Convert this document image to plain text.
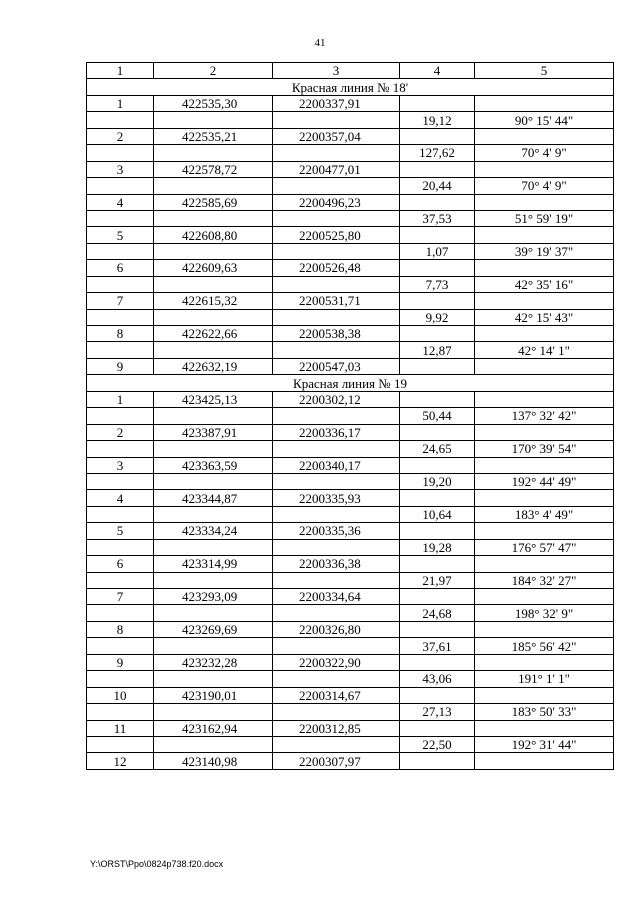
41
1	2	3	4	5
Красная линия № 18'				
1	422535,30	2200337,91		
			19,12	90° 15' 44"
2	422535,21	2200357,04		
			127,62	70° 4' 9"
3	422578,72	2200477,01		
			20,44	70° 4' 9"
4	422585,69	2200496,23		
			37,53	51° 59' 19"
5	422608,80	2200525,80		
			1,07	39° 19' 37"
6	422609,63	2200526,48		
			7,73	42° 35' 16"
7	422615,32	2200531,71		
			9,92	42° 15' 43"
8	422622,66	2200538,38		
			12,87	42° 14' 1"
9	422632,19	2200547,03		
Красная линия № 19				
1	423425,13	2200302,12		
			50,44	137° 32' 42"
2	423387,91	2200336,17		
			24,65	170° 39' 54"
3	423363,59	2200340,17		
			19,20	192° 44' 49"
4	423344,87	2200335,93		
			10,64	183° 4' 49"
5	423334,24	2200335,36		
			19,28	176° 57' 47"
6	423314,99	2200336,38		
			21,97	184° 32' 27"
7	423293,09	2200334,64		
			24,68	198° 32' 9"
8	423269,69	2200326,80		
			37,61	185° 56' 42"
9	423232,28	2200322,90		
			43,06	191° 1' 1"
10	423190,01	2200314,67		
			27,13	183° 50' 33"
11	423162,94	2200312,85		
			22,50	192° 31' 44"
12	423140,98	2200307,97		
Y:\ORST\Ppo\0824p738.f20.docx
